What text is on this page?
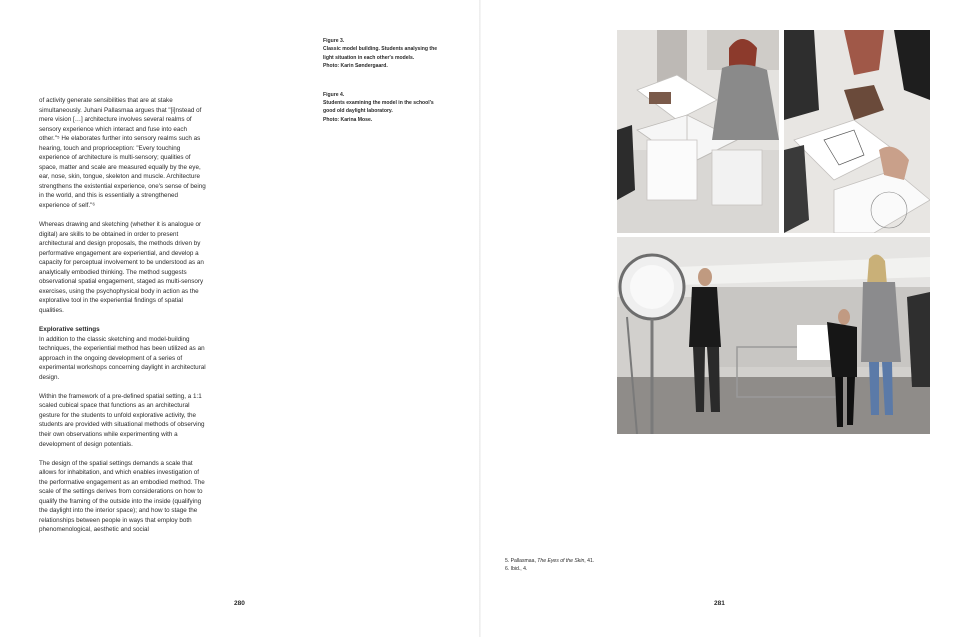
of activity generate sensibilities that are at stake simultaneously. Juhani Pallasmaa argues that "[i]nstead of mere vision […] architecture involves several realms of sensory experience which interact and fuse into each other."⁵ He elaborates further into sensory realms such as hearing, touch and proprioception: "Every touching experience of architecture is multi-sensory; qualities of space, matter and scale are measured equally by the eye, ear, nose, skin, tongue, skeleton and muscle. Architecture strengthens the existential experience, one's sense of being in the world, and this is essentially a strengthened experience of self."⁶

Whereas drawing and sketching (whether it is analogue or digital) are skills to be obtained in order to present architectural and design proposals, the methods driven by performative engagement are experiential, and develop a capacity for perceptual involvement to be understood as an analytically embodied thinking. The method suggests observational spatial engagement, staged as multi-sensory exercises, using the psychophysical body in action as the explorative tool in the experiential findings of spatial qualities.

Explorative settings

In addition to the classic sketching and model-building techniques, the experiential method has been utilized as an approach in the ongoing development of a series of experimental workshops concerning daylight in architectural design.

Within the framework of a pre-defined spatial setting, a 1:1 scaled cubical space that functions as an architectural gesture for the students to unfold explorative activity, the students are provided with situational methods of observing their own observations while experimenting with a development of design potentials.

The design of the spatial settings demands a scale that allows for inhabitation, and which enables investigation of the performative engagement as an embodied method. The scale of the settings derives from considerations on how to qualify the framing of the outside into the inside (qualifying the daylight into the interior space); and how to stage the relationships between people in ways that employ both phenomenological, aesthetic and social

Figure 3.
Classic model building. Students analysing the
light situation in each other's models.
Photo: Karin Søndergaard.
Figure 4.
Students examining the model in the school's
good old daylight laboratory.
Photo: Karina Mose.
5. Pallasmaa, The Eyes of the Skin, 41.
6. Ibid., 4.
280	281
